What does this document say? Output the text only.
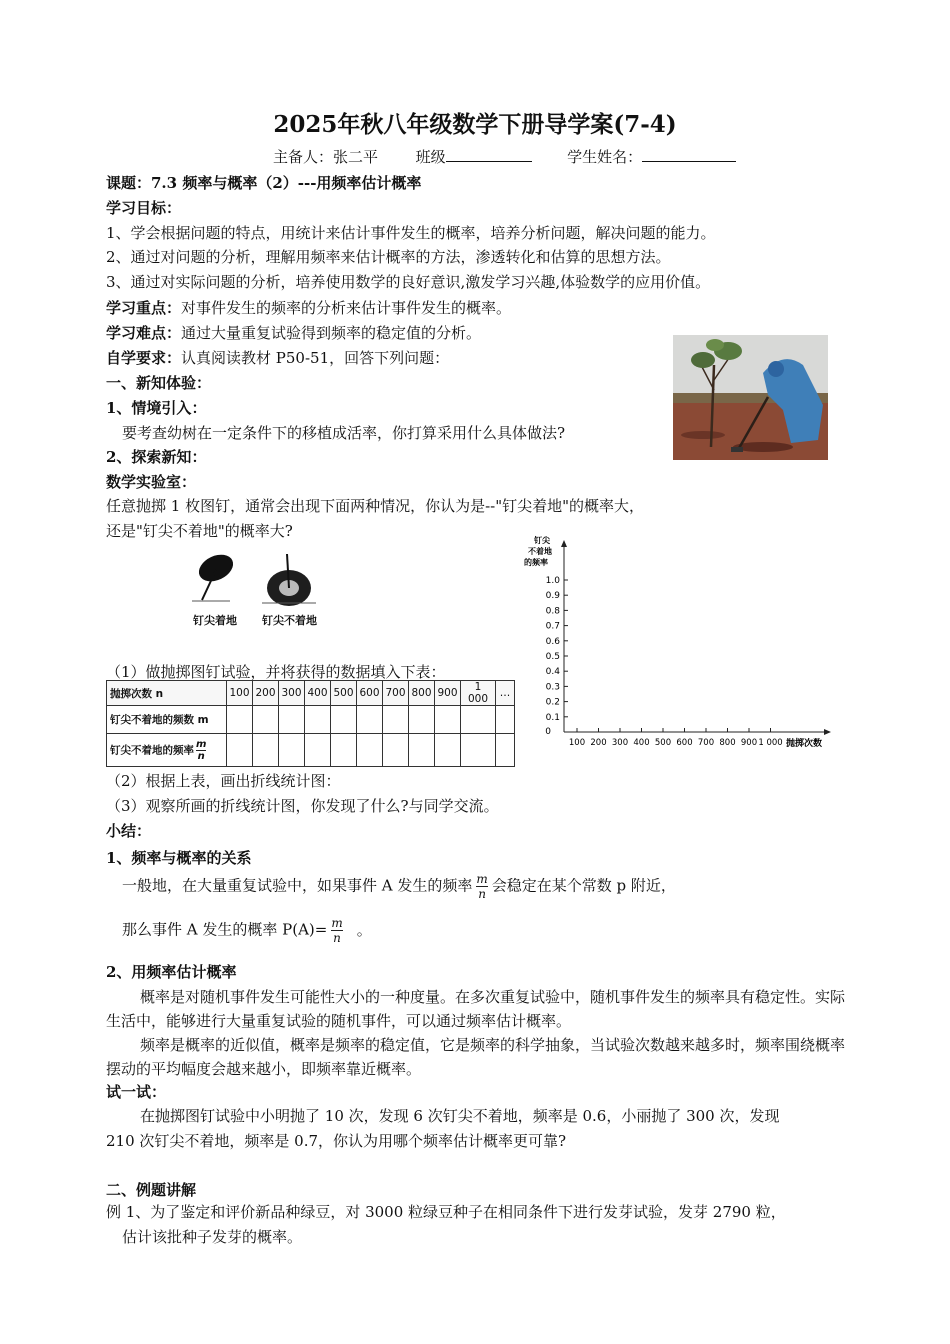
2025年秋八年级数学下册导学案(7-4)
主备人：张二平	班级	学生姓名：
课题：7.3 频率与概率（2）---用频率估计概率
学习目标：
1、学会根据问题的特点，用统计来估计事件发生的概率，培养分析问题，解决问题的能力。
2、通过对问题的分析，理解用频率来估计概率的方法，渗透转化和估算的思想方法。
3、通过对实际问题的分析，培养使用数学的良好意识,激发学习兴趣,体验数学的应用价值。
学习重点：对事件发生的频率的分析来估计事件发生的概率。
学习难点：通过大量重复试验得到频率的稳定值的分析。
自学要求：认真阅读教材 P50-51，回答下列问题：
一、新知体验：
1、情境引入：
要考查幼树在一定条件下的移植成活率，你打算采用什么具体做法?
2、探索新知：
数学实验室：
任意抛掷 1 枚图钉，通常会出现下面两种情况，你认为是--"钉尖着地"的概率大，
还是"钉尖不着地"的概率大?
钉尖着地 钉尖不着地
（1）做抛掷图钉试验，并将获得的数据填入下表：
抛掷次数 n	100	200	300	400	500	600	700	800	900	1 000	…
钉尖不着地的频数 m											
钉尖不着地的频率 $\frac{m}{n}$

钉尖
不着地
的频率
0
0.1
0.2
0.3
0.4
0.5
0.6
0.7
0.8
0.9
1.0
100 200 300 400 500 600 700 800 900 1 000 抛掷次数
（2）根据上表，画出折线统计图：
（3）观察所画的折线统计图，你发现了什么?与同学交流。
小结：
1、频率与概率的关系
一般地，在大量重复试验中，如果事件 A 发生的频率 $\frac{m}{n}$ 会稳定在某个常数 p 附近，
那么事件 A 发生的概率 $P(A)= \frac{m}{n}$ 。
2、用频率估计概率
概率是对随机事件发生可能性大小的一种度量。在多次重复试验中，随机事件发生的频率具有稳定性。实际生活中，能够进行大量重复试验的随机事件，可以通过频率估计概率。
频率是概率的近似值，概率是频率的稳定值，它是频率的科学抽象，当试验次数越来越多时，频率围绕概率摆动的平均幅度会越来越小，即频率靠近概率。
试一试：
在抛掷图钉试验中小明抛了 10 次，发现 6 次钉尖不着地，频率是 0.6，小丽抛了 300 次，发现
210 次钉尖不着地，频率是 0.7，你认为用哪个频率估计概率更可靠?
二、例题讲解
例 1、为了鉴定和评价新品种绿豆，对 3000 粒绿豆种子在相同条件下进行发芽试验，发芽 2790 粒，
估计该批种子发芽的概率。
